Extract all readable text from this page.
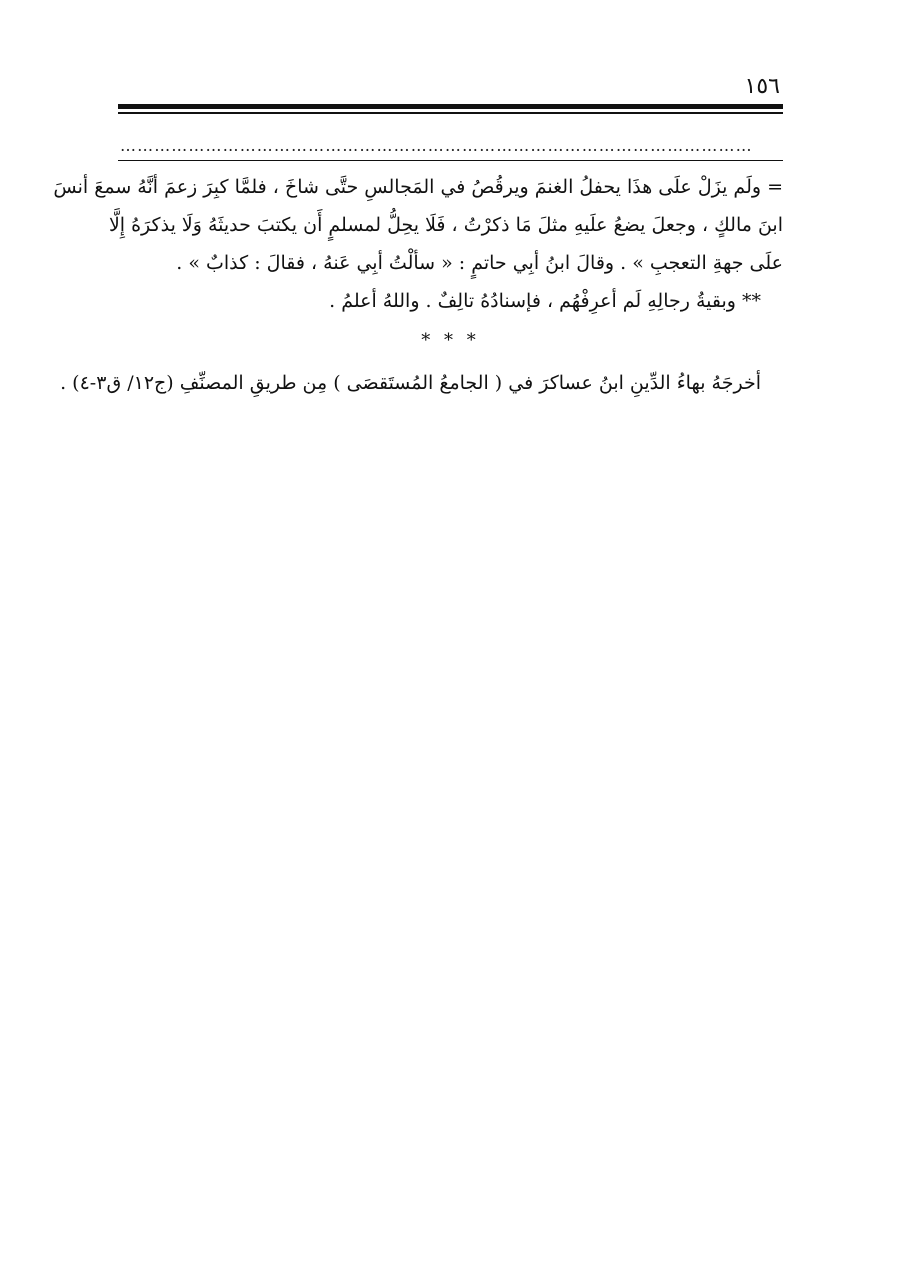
١٥٦
…………………………………………………………………………………………………
= ولَم يزَلْ علَى هذَا يحفلُ الغنمَ ويرقُصُ في المَجالسِ حتَّى شاخَ ، فلمَّا كبِرَ زعمَ أنَّهُ سمعَ أنسَ
ابنَ مالكٍ ، وجعلَ يضعُ علَيهِ مثلَ مَا ذكرْتُ ، فَلَا يحِلُّ لمسلمٍ أَن يكتبَ حديثَهُ وَلَا يذكرَهُ إِلَّا
علَى جهةِ التعجبِ » . وقالَ ابنُ أبِي حاتمٍ : « سألْتُ أبِي عَنهُ ، فقالَ : كذابٌ » .
** وبقيةُ رجالِهِ لَم أعرِفْهُم ، فإسنادُهُ تالِفٌ . واللهُ أعلمُ .
* * *
أخرجَهُ بهاءُ الدِّينِ ابنُ عساكرَ في ( الجامعُ المُستَقصَى ) مِن طريقِ المصنِّفِ (ج١٢/ ق٣-٤) .
